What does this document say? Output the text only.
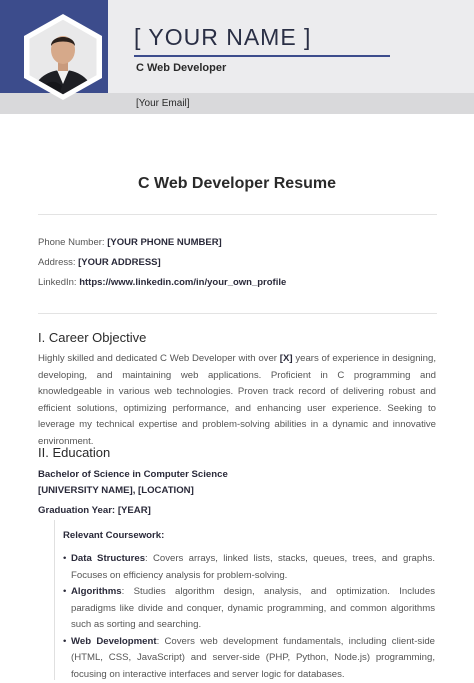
[ YOUR NAME ]
C Web Developer
[Your Email]
C Web Developer Resume
Phone Number: [YOUR PHONE NUMBER]
Address: [YOUR ADDRESS]
LinkedIn: https://www.linkedin.com/in/your_own_profile
I. Career Objective
Highly skilled and dedicated C Web Developer with over [X] years of experience in designing, developing, and maintaining web applications. Proficient in C programming and knowledgeable in various web technologies. Proven track record of delivering robust and efficient solutions, optimizing performance, and enhancing user experience. Seeking to leverage my technical expertise and problem-solving abilities in a dynamic and innovative environment.
II. Education
Bachelor of Science in Computer Science
[UNIVERSITY NAME], [LOCATION]
Graduation Year: [YEAR]
Relevant Coursework:
• Data Structures: Covers arrays, linked lists, stacks, queues, trees, and graphs. Focuses on efficiency analysis for problem-solving.
• Algorithms: Studies algorithm design, analysis, and optimization. Includes paradigms like divide and conquer, dynamic programming, and common algorithms such as sorting and searching.
• Web Development: Covers web development fundamentals, including client-side (HTML, CSS, JavaScript) and server-side (PHP, Python, Node.js) programming, focusing on interactive interfaces and server logic for databases.
